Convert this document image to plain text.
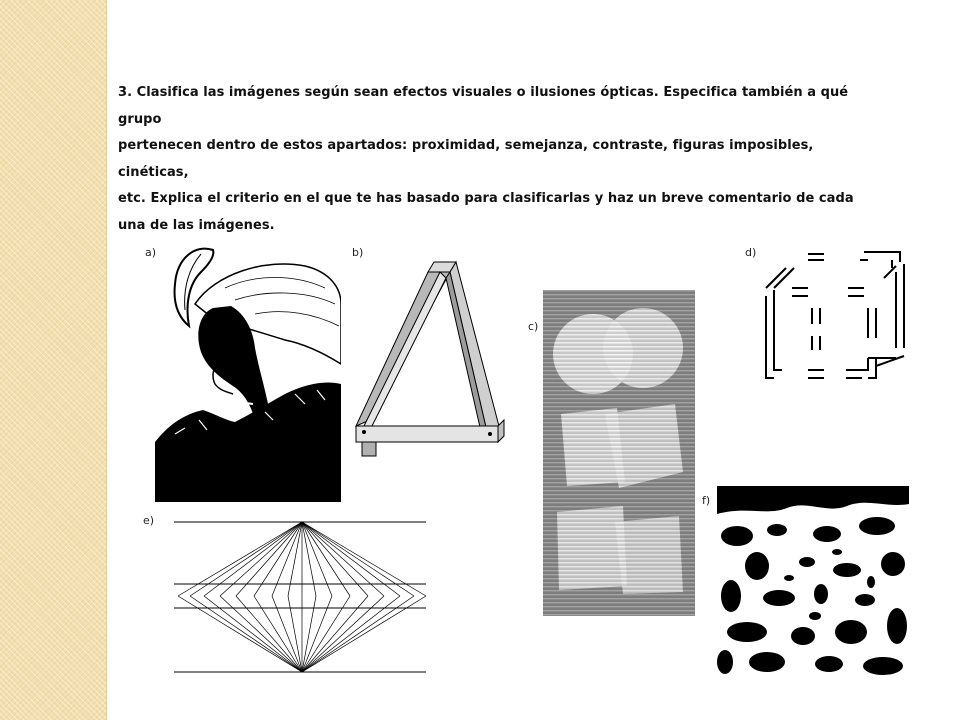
3. Clasifica las imágenes según sean efectos visuales o ilusiones ópticas. Especifica también a qué grupo
pertenecen dentro de estos apartados: proximidad, semejanza, contraste, figuras imposibles, cinéticas,
etc. Explica el criterio en el que te has basado para clasificarlas y haz un breve comentario de cada
una de las imágenes.
a)	b)
c)
d)
e)
f)
